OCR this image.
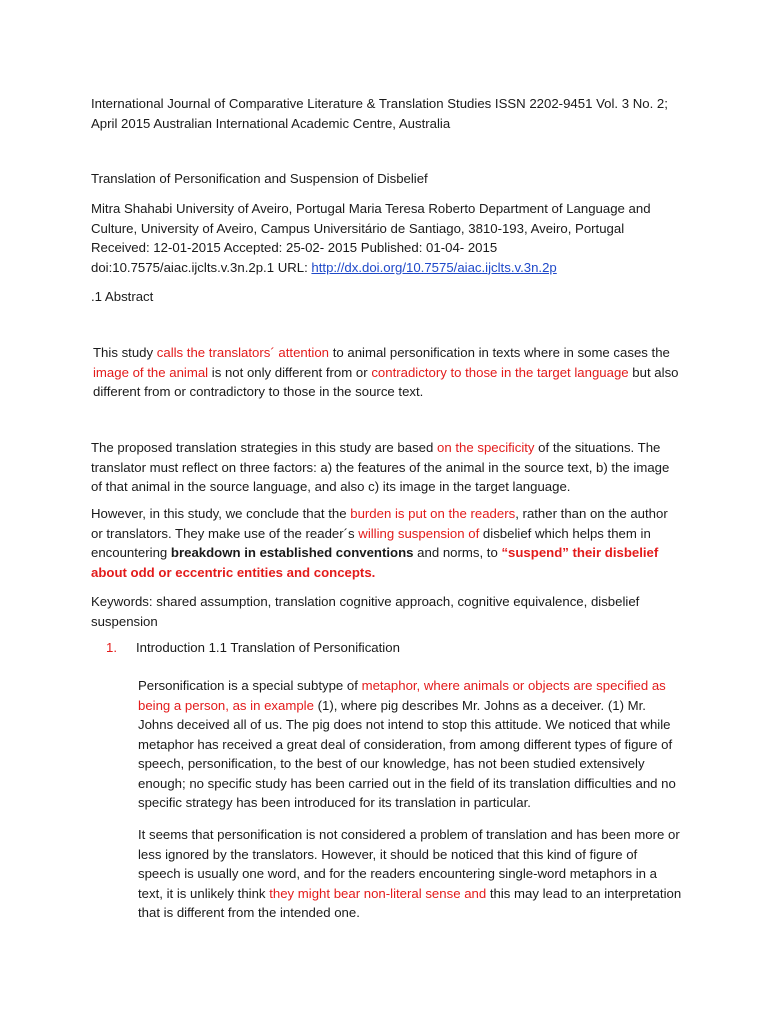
International Journal of Comparative Literature & Translation Studies ISSN 2202-9451 Vol. 3 No. 2; April 2015 Australian International Academic Centre, Australia

Translation of Personification and Suspension of Disbelief

Mitra Shahabi University of Aveiro, Portugal Maria Teresa Roberto Department of Language and Culture, University of Aveiro, Campus Universitário de Santiago, 3810-193, Aveiro, Portugal Received: 12-01-2015 Accepted: 25-02- 2015 Published: 01-04- 2015 doi:10.7575/aiac.ijclts.v.3n.2p.1 URL: http://dx.doi.org/10.7575/aiac.ijclts.v.3n.2p

.1 Abstract

This study calls the translators´ attention to animal personification in texts where in some cases the image of the animal is not only different from or contradictory to those in the target language but also different from or contradictory to those in the source text.

The proposed translation strategies in this study are based on the specificity of the situations. The translator must reflect on three factors: a) the features of the animal in the source text, b) the image of that animal in the source language, and also c) its image in the target language.

However, in this study, we conclude that the burden is put on the readers, rather than on the author or translators. They make use of the reader´s willing suspension of disbelief which helps them in encountering breakdown in established conventions and norms, to “suspend” their disbelief about odd or eccentric entities and concepts.

Keywords: shared assumption, translation cognitive approach, cognitive equivalence, disbelief suspension

1. Introduction 1.1 Translation of Personification

Personification is a special subtype of metaphor, where animals or objects are specified as being a person, as in example (1), where pig describes Mr. Johns as a deceiver. (1) Mr. Johns deceived all of us. The pig does not intend to stop this attitude. We noticed that while metaphor has received a great deal of consideration, from among different types of figure of speech, personification, to the best of our knowledge, has not been studied extensively enough; no specific study has been carried out in the field of its translation difficulties and no specific strategy has been introduced for its translation in particular.

It seems that personification is not considered a problem of translation and has been more or less ignored by the translators. However, it should be noticed that this kind of figure of speech is usually one word, and for the readers encountering single-word metaphors in a text, it is unlikely think they might bear non-literal sense and this may lead to an interpretation that is different from the intended one.
